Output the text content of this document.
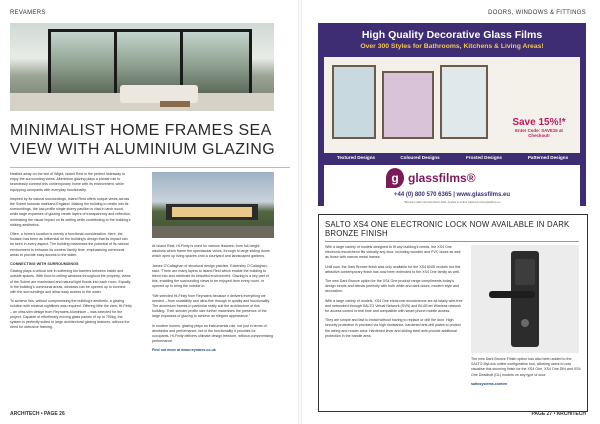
REVAMERS
MINIMALIST HOME FRAMES SEA VIEW WITH ALUMINIUM GLAZING

Nestled away on the Isle of Wight, Island Rest is the perfect hideaway to enjoy the surrounding views. Aluminium glazing plays a pivotal role to seamlessly connect this contemporary home with its environment, while equipping occupants with everyday functionality.

Inspired by its natural surroundings, Island Rest offers unique views across the Solent towards mainland England. Making the building to nestle into its surroundings, the low-profile single storey pavilion is clad in larch wood, while large expanses of glazing create layers of transparency and reflection, minimising the visual impact on its setting while contributing to the building’s striking aesthetics.

Often, a home’s location is merely a functional consideration. Here, the location has been as influential on the building’s design that its impact can be seen in every aspect. The building maximises the potential of its natural environment to enhance its owners’ family time, emphasising communal areas to provide easy access to the water.

CONNECTING WITH SURROUNDINGS

Glazing plays a critical role in softening the barriers between inside and outside spaces. With floor-to-ceiling windows throughout the property, views of the Solent are maximised and natural light floods into each room. Equally, in the building’s communal areas, windows can be opened up to connect with the surroundings and allow easy access to the water.

To achieve this, without compromising the building’s aesthetic, a glazing solution with minimal sightlines was required. Offering little the view, Hi-Finity – an ultra-slim design from Reynaers Aluminium – was selected for the project. Capable of effortlessly moving glass panels of up to 750kg, the system is perfectly suited to large architectural glazing features, without the need for obtrusive framing.

At Island Rest, Hi-Finity is used for various features, from full-height windows which frame the spectacular views, through to large sliding doors which open up living spaces onto a courtyard and landscaped gardens.

James O’Callaghan of structural design practice, Eckersley O’Callaghan, said: “There are many layers to Island Rest which enable the building to blend into and celebrate its beautiful environment. Glazing is a key part of this, enabling the surrounding views to be enjoyed from every room, or opened up to bring the outside in.

“We selected Hi-Finity from Reynaers because it delivers everything we needed – from scalability and ultra-fine through to quality and functionality. The aluminium frames in particular really suit the architecture of this building. Their slender profile size further maximises the presence of the large expanses of glazing to achieve an elegant appearance.”

In modern homes, glazing plays an instrumental role, not just in terms of aesthetics and performance, but in the functionality it provides for occupants. Hi-Finity delivers ultimate design freedom, without compromising performance.

Find out more at www.reynaers.co.uk

ARCHITECH • PAGE 26
DOORS, WINDOWS & FITTINGS
High Quality Decorative Glass Films
Over 300 Styles for Bathrooms, Kitchens & Living Areas!
Save 15%!*
Enter Code: SAVE15 at Checkout!
Textured Designs	Coloured Designs	Frosted Designs	Patterned Designs
g glassfilms®
+44 (0) 800 570 6365 | www.glassfilms.eu
*Discount valid until 31st March 2024. Applies to orders placed at www.glassfilms.eu
SALTO XS4 ONE ELECTRONIC LOCK NOW AVAILABLE IN DARK BRONZE FINISH

With a large variety of models designed to fit any building’s needs, the XS4 One electronic escutcheon fits virtually any door, including wooden and PVC doors as well as those with narrow metal frames.

Until now, the Dark Bronze finish was only available for the XS4 ANSI models but this attractive contemporary finish has now been extended to the XS4 One family as well.

The new Dark Bronze option for the XS4 One product range compliments today’s design trends and blends perfectly with both white and dark doors, modern style and decoration.

With a large variety of models, XS4 One electronic escutcheons are all totally wire-free and networked through SALTO Virtual Network (SVN) and BLUEnet Wireless network for access control in real time and compatible with smart phone mobile access.

They are simple and fast to install without having to replace or drill the door. High security protection is provided via high resistance, hardened anti-drill plates to protect the wiring and reader area. Hardened lever and sliding steel axis provide additional protection in the handle area.

The new Dark Bronze Finish option has also been added to the SALTO MyLock online configuration tool, allowing users to now visualise this stunning finish for the XS4 One, XS4 One DIN and XS4 One Deadbolt (DL) models on any type of door.

saltosystems.com/en

PAGE 27 • ARCHITECH
